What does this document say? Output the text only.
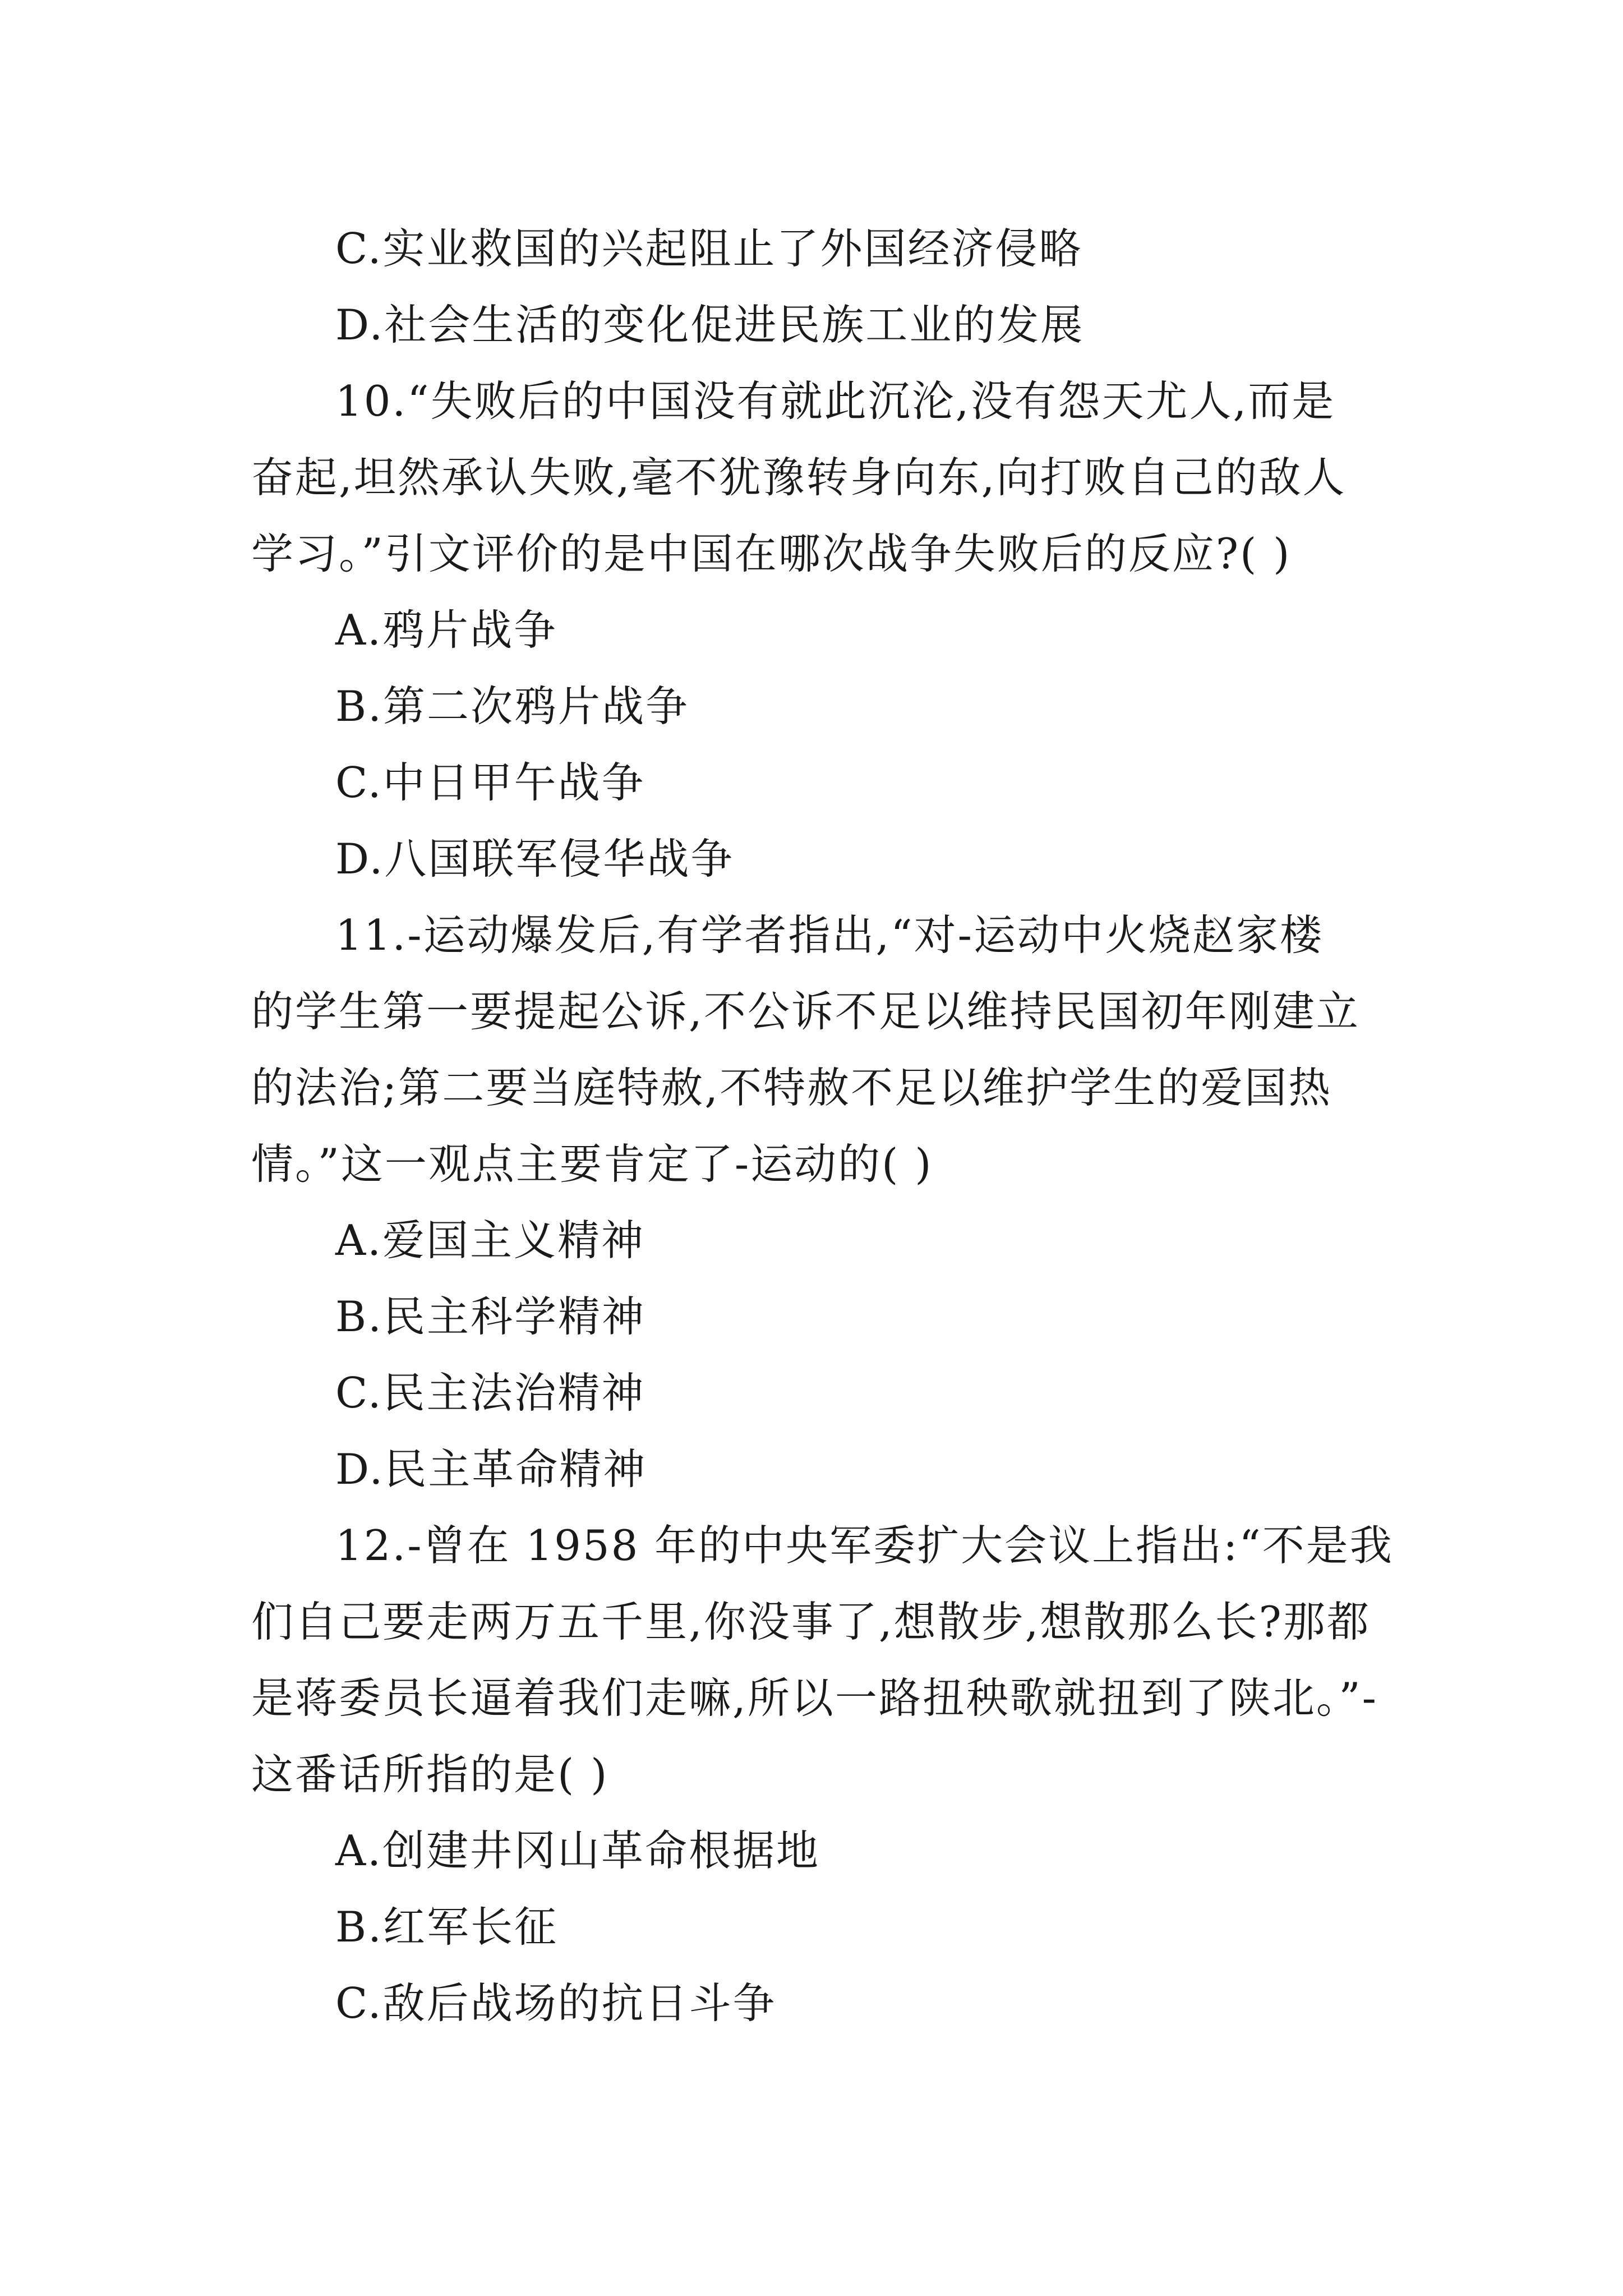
C.实业救国的兴起阻止了外国经济侵略
D.社会生活的变化促进民族工业的发展
10.“失败后的中国没有就此沉沦,没有怨天尤人,而是
奋起,坦然承认失败,毫不犹豫转身向东,向打败自己的敌人
学习。”引文评价的是中国在哪次战争失败后的反应?( )
A.鸦片战争
B.第二次鸦片战争
C.中日甲午战争
D.八国联军侵华战争
11.-运动爆发后,有学者指出,“对-运动中火烧赵家楼
的学生第一要提起公诉,不公诉不足以维持民国初年刚建立
的法治;第二要当庭特赦,不特赦不足以维护学生的爱国热
情。”这一观点主要肯定了-运动的( )
A.爱国主义精神
B.民主科学精神
C.民主法治精神
D.民主革命精神
12.-曾在 1958 年的中央军委扩大会议上指出:“不是我
们自己要走两万五千里,你没事了,想散步,想散那么长?那都
是蒋委员长逼着我们走嘛,所以一路扭秧歌就扭到了陕北。”-
这番话所指的是( )
A.创建井冈山革命根据地
B.红军长征
C.敌后战场的抗日斗争
